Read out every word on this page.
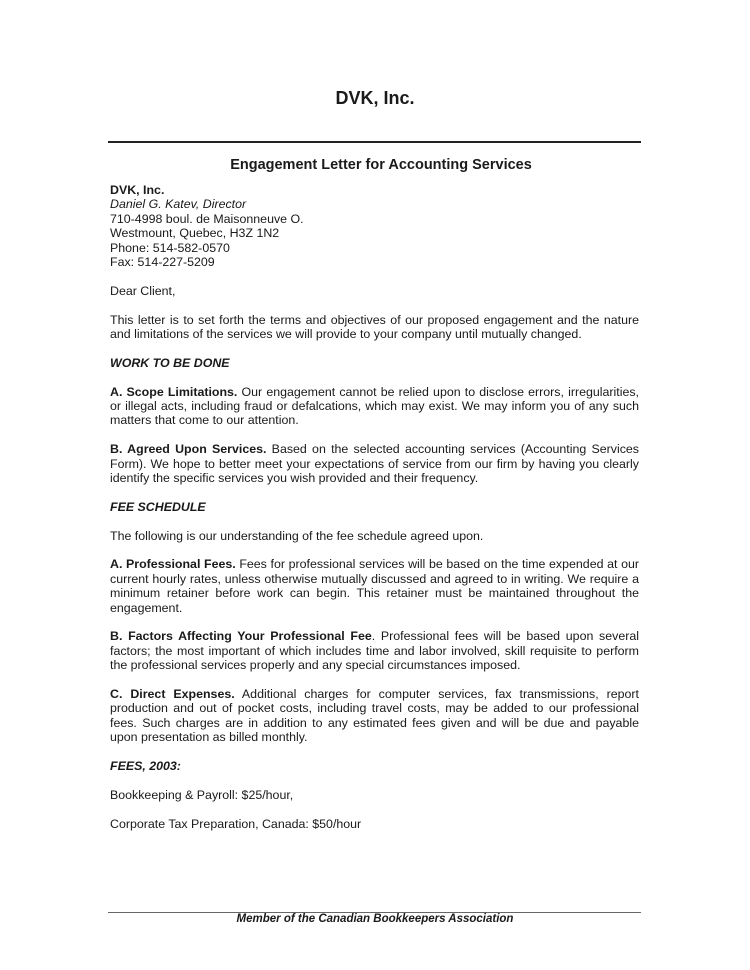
DVK, Inc.
Engagement Letter for Accounting Services

DVK, Inc.

Daniel G. Katev, Director

710-4998 boul. de Maisonneuve O.

Westmount, Quebec, H3Z 1N2

Phone: 514-582-0570

Fax: 514-227-5209

Dear Client,

This letter is to set forth the terms and objectives of our proposed engagement and the nature and limitations of the services we will provide to your company until mutually changed.

WORK TO BE DONE

A. Scope Limitations. Our engagement cannot be relied upon to disclose errors, irregularities, or illegal acts, including fraud or defalcations, which may exist. We may inform you of any such matters that come to our attention.

B. Agreed Upon Services. Based on the selected accounting services (Accounting Services Form). We hope to better meet your expectations of service from our firm by having you clearly identify the specific services you wish provided and their frequency.

FEE SCHEDULE

The following is our understanding of the fee schedule agreed upon.

A. Professional Fees. Fees for professional services will be based on the time expended at our current hourly rates, unless otherwise mutually discussed and agreed to in writing. We require a minimum retainer before work can begin. This retainer must be maintained throughout the engagement.

B. Factors Affecting Your Professional Fee. Professional fees will be based upon several factors; the most important of which includes time and labor involved, skill requisite to perform the professional services properly and any special circumstances imposed.

C. Direct Expenses. Additional charges for computer services, fax transmissions, report production and out of pocket costs, including travel costs, may be added to our professional fees. Such charges are in addition to any estimated fees given and will be due and payable upon presentation as billed monthly.

FEES, 2003:

Bookkeeping & Payroll: $25/hour,

Corporate Tax Preparation, Canada: $50/hour

Member of the Canadian Bookkeepers Association
